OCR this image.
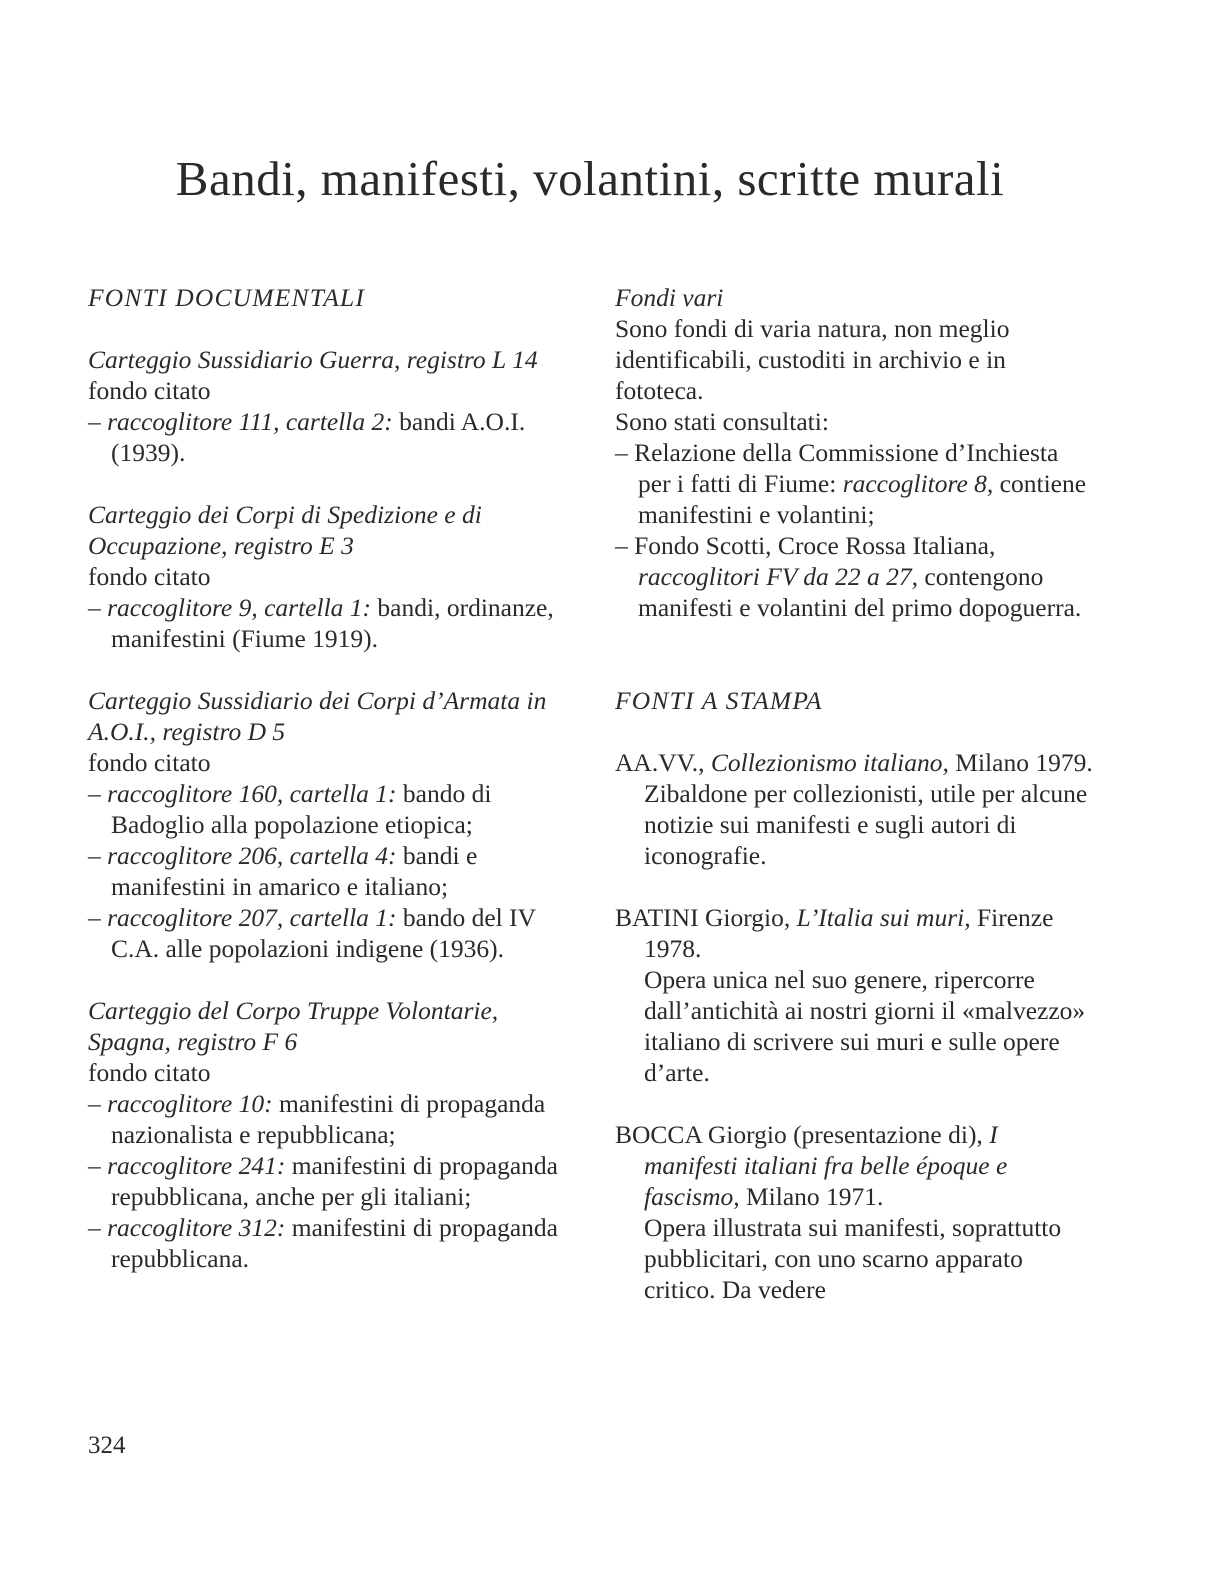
Bandi, manifesti, volantini, scritte murali
FONTI DOCUMENTALI
Carteggio Sussidiario Guerra, registro L 14
fondo citato
– raccoglitore 111, cartella 2: bandi A.O.I. (1939).
Carteggio dei Corpi di Spedizione e di Occupazione, registro E 3
fondo citato
– raccoglitore 9, cartella 1: bandi, ordinanze, manifestini (Fiume 1919).
Carteggio Sussidiario dei Corpi d’Armata in A.O.I., registro D 5
fondo citato
– raccoglitore 160, cartella 1: bando di Badoglio alla popolazione etiopica;
– raccoglitore 206, cartella 4: bandi e manifestini in amarico e italiano;
– raccoglitore 207, cartella 1: bando del IV C.A. alle popolazioni indigene (1936).
Carteggio del Corpo Truppe Volontarie, Spagna, registro F 6
fondo citato
– raccoglitore 10: manifestini di propaganda nazionalista e repubblicana;
– raccoglitore 241: manifestini di propaganda repubblicana, anche per gli italiani;
– raccoglitore 312: manifestini di propaganda repubblicana.
Fondi vari
Sono fondi di varia natura, non meglio identificabili, custoditi in archivio e in fototeca.
Sono stati consultati:
– Relazione della Commissione d’Inchiesta per i fatti di Fiume: raccoglitore 8, contiene manifestini e volantini;
– Fondo Scotti, Croce Rossa Italiana, raccoglitori FV da 22 a 27, contengono manifesti e volantini del primo dopoguerra.
FONTI A STAMPA
AA.VV., Collezionismo italiano, Milano 1979.
Zibaldone per collezionisti, utile per alcune notizie sui manifesti e sugli autori di iconografie.
BATINI Giorgio, L’Italia sui muri, Firenze 1978.
Opera unica nel suo genere, ripercorre dall’antichità ai nostri giorni il «malvezzo» italiano di scrivere sui muri e sulle opere d’arte.
BOCCA Giorgio (presentazione di), I manifesti italiani fra belle époque e fascismo, Milano 1971.
Opera illustrata sui manifesti, soprattutto pubblicitari, con uno scarno apparato critico. Da vedere
324
